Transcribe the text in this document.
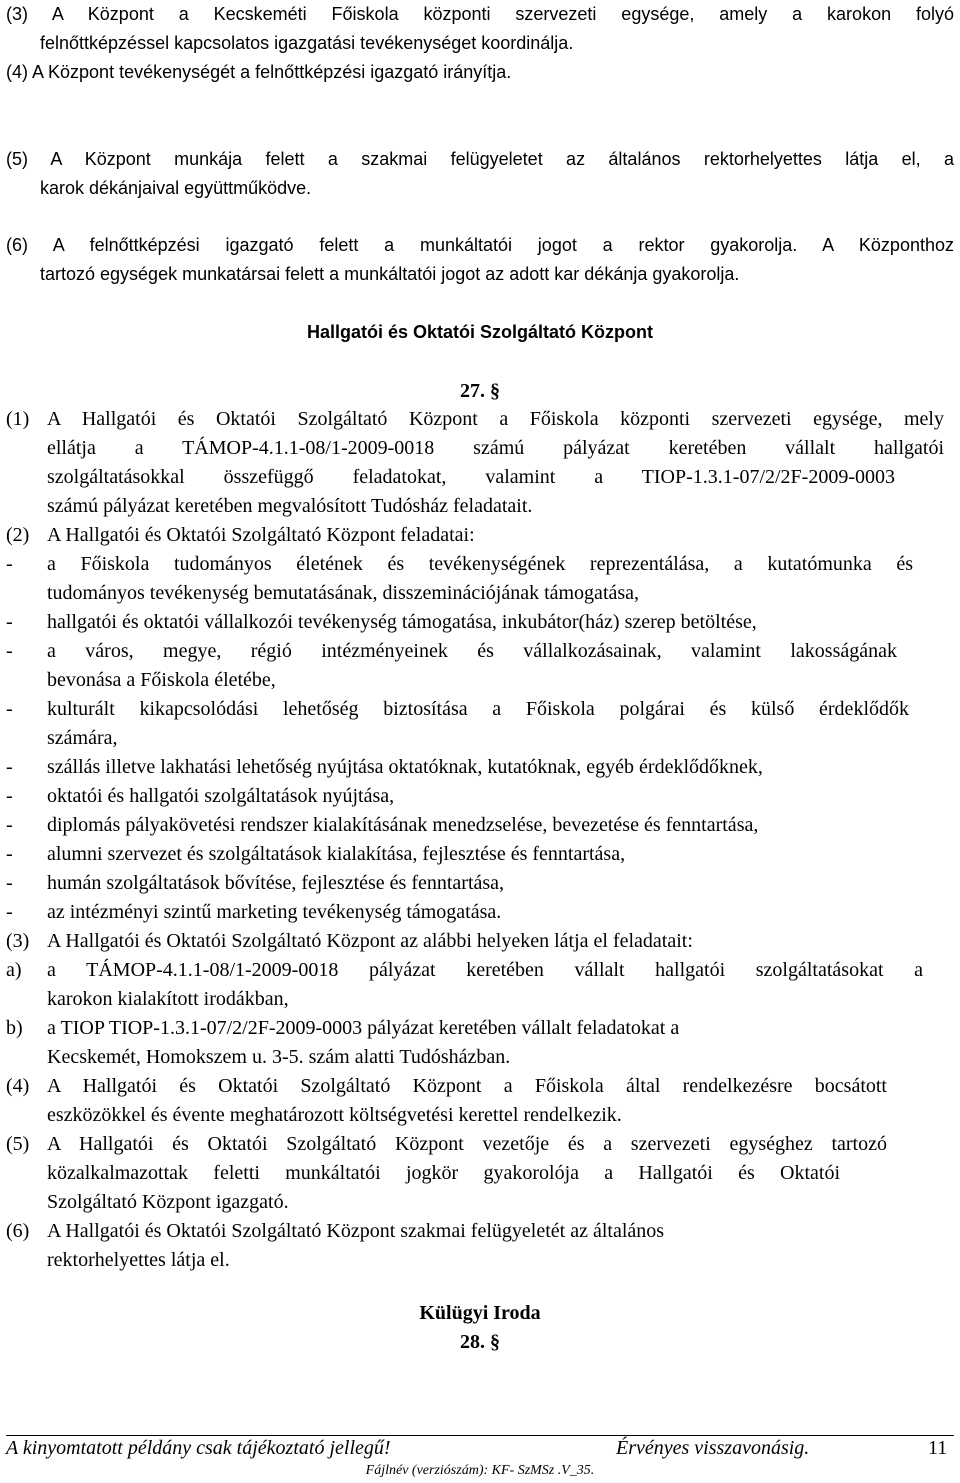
(3) A Központ a Kecskeméti Főiskola központi szervezeti egysége, amely a karokon folyó
felnőttképzéssel kapcsolatos igazgatási tevékenységet koordinálja.
(4) A Központ tevékenységét a felnőttképzési igazgató irányítja.
(5) A Központ munkája felett a szakmai felügyeletet az általános rektorhelyettes látja el, a
karok dékánjaival együttműködve.
(6) A felnőttképzési igazgató felett a munkáltatói jogot a rektor gyakorolja. A Központhoz
tartozó egységek munkatársai felett a munkáltatói jogot az adott kar dékánja gyakorolja.
Hallgatói és Oktatói Szolgáltató Központ
27. §
(1) A Hallgatói és Oktatói Szolgáltató Központ a Főiskola központi szervezeti egysége, mely
ellátja a TÁMOP-4.1.1-08/1-2009-0018 számú pályázat keretében vállalt hallgatói
szolgáltatásokkal összefüggő feladatokat, valamint a TIOP-1.3.1-07/2/2F-2009-0003
számú pályázat keretében megvalósított Tudósház feladatait.
(2) A Hallgatói és Oktatói Szolgáltató Központ feladatai:
- a Főiskola tudományos életének és tevékenységének reprezentálása, a kutatómunka és
tudományos tevékenység bemutatásának, disszeminációjának támogatása,
- hallgatói és oktatói vállalkozói tevékenység támogatása, inkubátor(ház) szerep betöltése,
- a város, megye, régió intézményeinek és vállalkozásainak, valamint lakosságának
bevonása a Főiskola életébe,
- kulturált kikapcsolódási lehetőség biztosítása a Főiskola polgárai és külső érdeklődők
számára,
- szállás illetve lakhatási lehetőség nyújtása oktatóknak, kutatóknak, egyéb érdeklődőknek,
- oktatói és hallgatói szolgáltatások nyújtása,
- diplomás pályakövetési rendszer kialakításának menedzselése, bevezetése és fenntartása,
- alumni szervezet és szolgáltatások kialakítása, fejlesztése és fenntartása,
- humán szolgáltatások bővítése, fejlesztése és fenntartása,
- az intézményi szintű marketing tevékenység támogatása.
(3) A Hallgatói és Oktatói Szolgáltató Központ az alábbi helyeken látja el feladatait:
a) a TÁMOP-4.1.1-08/1-2009-0018 pályázat keretében vállalt hallgatói szolgáltatásokat a
karokon kialakított irodákban,
b) a TIOP TIOP-1.3.1-07/2/2F-2009-0003 pályázat keretében vállalt feladatokat a
Kecskemét, Homokszem u. 3-5. szám alatti Tudósházban.
(4) A Hallgatói és Oktatói Szolgáltató Központ a Főiskola által rendelkezésre bocsátott
eszközökkel és évente meghatározott költségvetési kerettel rendelkezik.
(5) A Hallgatói és Oktatói Szolgáltató Központ vezetője és a szervezeti egységhez tartozó
közalkalmazottak feletti munkáltatói jogkör gyakorolója a Hallgatói és Oktatói
Szolgáltató Központ igazgató.
(6) A Hallgatói és Oktatói Szolgáltató Központ szakmai felügyeletét az általános
rektorhelyettes látja el.
Külügyi Iroda
28. §
A kinyomtatott példány csak tájékoztató jellegű!	Érvényes visszavonásig.	11
Fájlnév (verziószám): KF- SzMSz .V_35.
